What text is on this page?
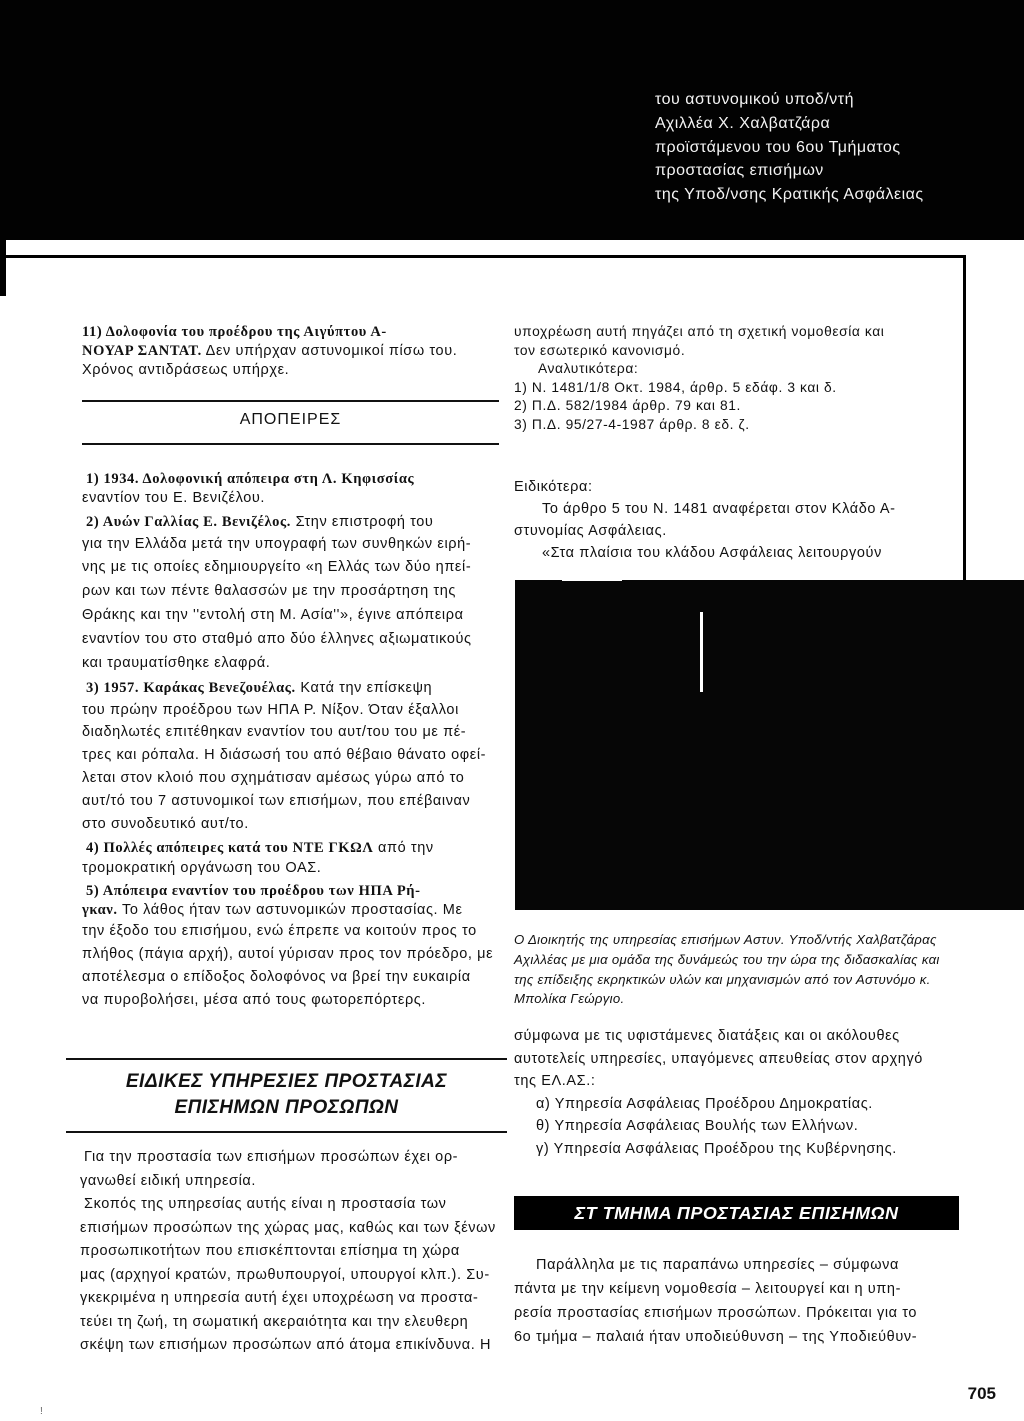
του αστυνομικού υποδ/ντή
Αχιλλέα Χ. Χαλβατζάρα
προϊστάμενου του 6ου Τμήματος
προστασίας επισήμων
της Υποδ/νσης Κρατικής Ασφάλειας
11) Δολοφονία του προέδρου της Αιγύπτου Α-
ΝΟΥΑΡ ΣΑΝΤΑΤ. Δεν υπήρχαν αστυνομικοί πίσω του.
Χρόνος αντιδράσεως υπήρχε.
ΑΠΟΠΕΙΡΕΣ
1) 1934. Δολοφονική απόπειρα στη Λ. Κηφισσίας
εναντίον του Ε. Βενιζέλου.
2) Αυών Γαλλίας Ε. Βενιζέλος. Στην επιστροφή του
για την Ελλάδα μετά την υπογραφή των συνθηκών ειρή-
νης με τις οποίες εδημιουργείτο «η Ελλάς των δύο ηπεί-
ρων και των πέντε θαλασσών με την προσάρτηση της
Θράκης και την ''εντολή στη Μ. Ασία''», έγινε απόπειρα
εναντίον του στο σταθμό απο δύο έλληνες αξιωματικούς
και τραυματίσθηκε ελαφρά.
3) 1957. Καράκας Βενεζουέλας. Κατά την επίσκεψη
του πρώην προέδρου των ΗΠΑ Ρ. Νίξον. Όταν έξαλλοι
διαδηλωτές επιτέθηκαν εναντίον του αυτ/του του με πέ-
τρες και ρόπαλα. Η διάσωσή του από θέβαιο θάνατο οφεί-
λεται στον κλοιό που σχημάτισαν αμέσως γύρω από το
αυτ/τό του 7 αστυνομικοί των επισήμων, που επέβαιναν
στο συνοδευτικό αυτ/το.
4) Πολλές απόπειρες κατά του ΝΤΕ ΓΚΩΛ από την
τρομοκρατική οργάνωση του ΟΑΣ.
5) Απόπειρα εναντίον του προέδρου των ΗΠΑ Ρή-
γκαν. Το λάθος ήταν των αστυνομικών προστασίας. Με
την έξοδο του επισήμου, ενώ έπρεπε να κοιτούν προς το
πλήθος (πάγια αρχή), αυτοί γύρισαν προς τον πρόεδρο, με
αποτέλεσμα ο επίδοξος δολοφόνος να βρεί την ευκαιρία
να πυροβολήσει, μέσα από τους φωτορεπόρτερς.
ΕΙΔΙΚΕΣ ΥΠΗΡΕΣΙΕΣ ΠΡΟΣΤΑΣΙΑΣ
ΕΠΙΣΗΜΩΝ ΠΡΟΣΩΠΩΝ
Για την προστασία των επισήμων προσώπων έχει ορ-
γανωθεί ειδική υπηρεσία.
Σκοπός της υπηρεσίας αυτής είναι η προστασία των
επισήμων προσώπων της χώρας μας, καθώς και των ξένων
προσωπικοτήτων που επισκέπτονται επίσημα τη χώρα
μας (αρχηγοί κρατών, πρωθυπουργοί, υπουργοί κλπ.). Συ-
γκεκριμένα η υπηρεσία αυτή έχει υποχρέωση να προστα-
τεύει τη ζωή, τη σωματική ακεραιότητα και την ελευθερη
σκέψη των επισήμων προσώπων από άτομα επικίνδυνα. Η
υποχρέωση αυτή πηγάζει από τη σχετική νομοθεσία και
τον εσωτερικό κανονισμό.
Αναλυτικότερα:
1) Ν. 1481/1/8 Οκτ. 1984, άρθρ. 5 εδάφ. 3 και δ.
2) Π.Δ. 582/1984 άρθρ. 79 και 81.
3) Π.Δ. 95/27-4-1987 άρθρ. 8 εδ. ζ.
Ειδικότερα:
Το άρθρο 5 του Ν. 1481 αναφέρεται στον Κλάδο Α-
στυνομίας Ασφάλειας.
«Στα πλαίσια του κλάδου Ασφάλειας λειτουργούν
Ο Διοικητής της υπηρεσίας επισήμων Αστυν. Υποδ/ντής Χαλβατζάρας Αχιλλέας με μια ομάδα της δυνάμεώς του την ώρα της διδασκαλίας και της επίδειξης εκρηκτικών υλών και μηχανισμών από τον Αστυνόμο κ. Μπολίκα Γεώργιο.
σύμφωνα με τις υφιστάμενες διατάξεις και οι ακόλουθες
αυτοτελείς υπηρεσίες, υπαγόμενες απευθείας στον αρχηγό
της ΕΛ.ΑΣ.:
α) Υπηρεσία Ασφάλειας Προέδρου Δημοκρατίας.
θ) Υπηρεσία Ασφάλειας Βουλής των Ελλήνων.
γ) Υπηρεσία Ασφάλειας Προέδρου της Κυβέρνησης.
ΣΤ ΤΜΗΜΑ ΠΡΟΣΤΑΣΙΑΣ ΕΠΙΣΗΜΩΝ
Παράλληλα με τις παραπάνω υπηρεσίες – σύμφωνα
πάντα με την κείμενη νομοθεσία – λειτουργεί και η υπη-
ρεσία προστασίας επισήμων προσώπων. Πρόκειται για το
6ο τμήμα – παλαιά ήταν υποδιεύθυνση – της Υποδιεύθυν-
!
705
